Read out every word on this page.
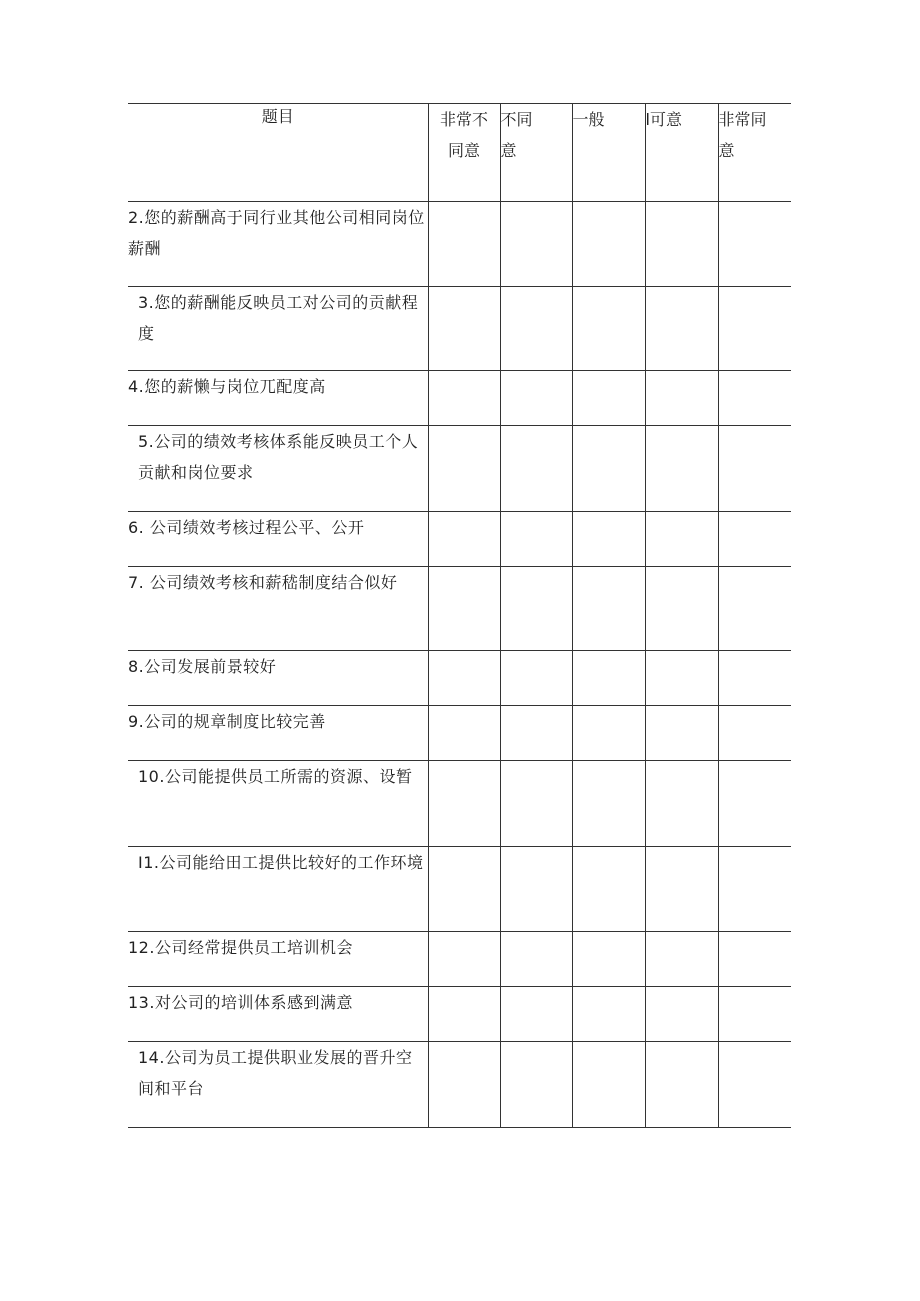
题目	非常不同意	不同意	一般	l可意	非常同意

2.您的薪酬高于同行业其他公司相同岗位薪酬					
3.您的薪酬能反映员工对公司的贡献程度					
4.您的薪懒与岗位兀配度高					
5.公司的绩效考核体系能反映员工个人贡献和岗位要求					
6. 公司绩效考核过程公平、公开					
7. 公司绩效考核和薪嵇制度结合似好					
8.公司发展前景较好					
9.公司的规章制度比较完善					
10.公司能提供员工所需的资源、设暂					
I1.公司能给田工提供比较好的工作环境					
12.公司经常提供员工培训机会					
13.对公司的培训体系感到满意					
14.公司为员工提供职业发展的晋升空间和平台					
